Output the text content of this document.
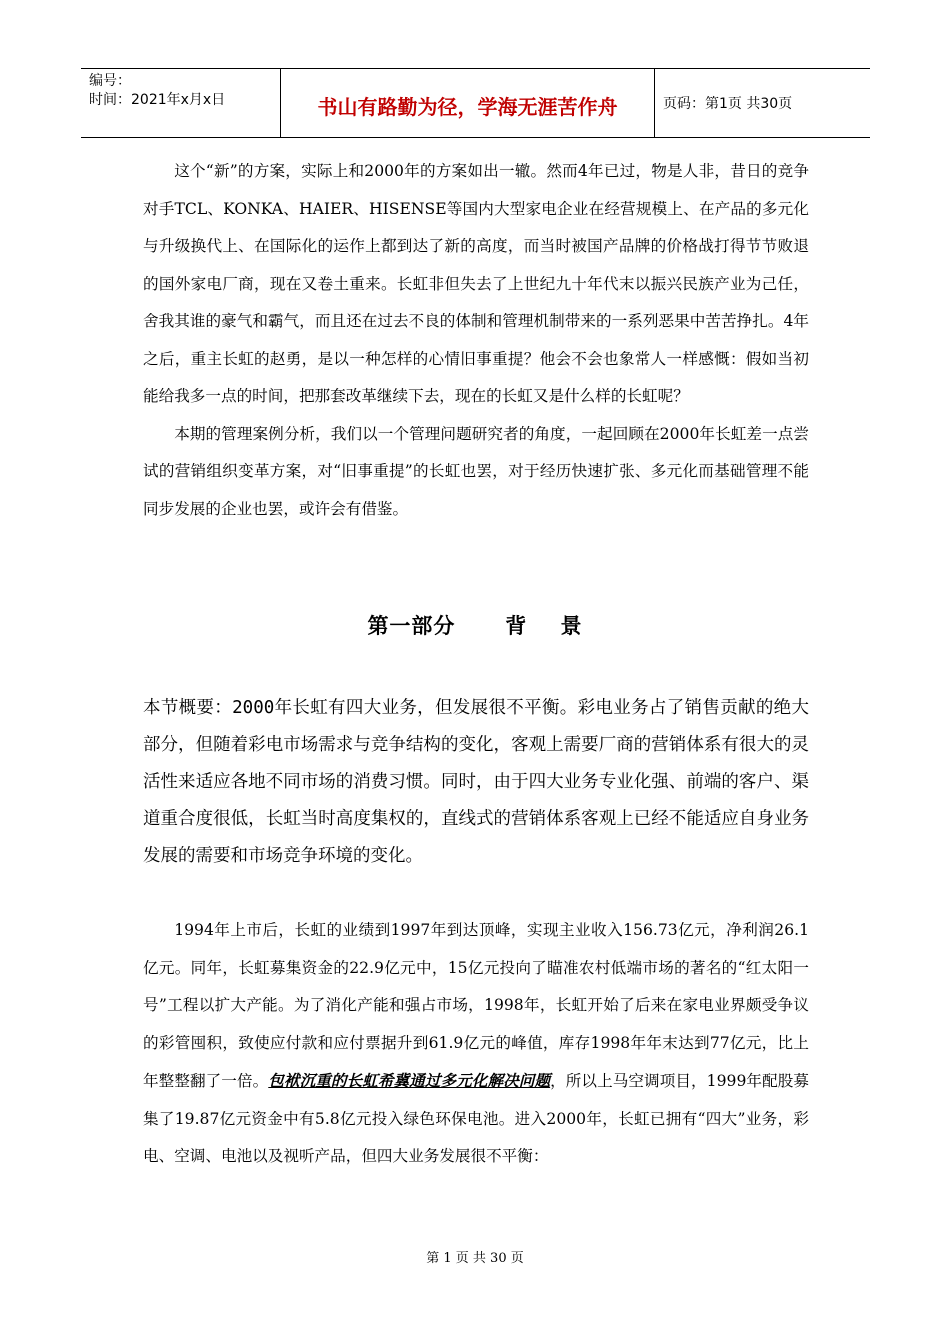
编号：
时间：2021年x月x日	书山有路勤为径，学海无涯苦作舟	页码：第1页 共30页

这个“新”的方案，实际上和2000年的方案如出一辙。然而4年已过，物是人非，昔日的竞争对手TCL、KONKA、HAIER、HISENSE等国内大型家电企业在经营规模上、在产品的多元化与升级换代上、在国际化的运作上都到达了新的高度，而当时被国产品牌的价格战打得节节败退的国外家电厂商，现在又卷土重来。长虹非但失去了上世纪九十年代末以振兴民族产业为己任，舍我其谁的豪气和霸气，而且还在过去不良的体制和管理机制带来的一系列恶果中苦苦挣扎。4年之后，重主长虹的赵勇，是以一种怎样的心情旧事重提？他会不会也象常人一样感慨：假如当初能给我多一点的时间，把那套改革继续下去，现在的长虹又是什么样的长虹呢？

本期的管理案例分析，我们以一个管理问题研究者的角度，一起回顾在2000年长虹差一点尝试的营销组织变革方案，对“旧事重提”的长虹也罢，对于经历快速扩张、多元化而基础管理不能同步发展的企业也罢，或许会有借鉴。

第一部分      背    景

本节概要：2000年长虹有四大业务，但发展很不平衡。彩电业务占了销售贡献的绝大部分，但随着彩电市场需求与竞争结构的变化，客观上需要厂商的营销体系有很大的灵活性来适应各地不同市场的消费习惯。同时，由于四大业务专业化强、前端的客户、渠道重合度很低，长虹当时高度集权的，直线式的营销体系客观上已经不能适应自身业务发展的需要和市场竞争环境的变化。

1994年上市后，长虹的业绩到1997年到达顶峰，实现主业收入156.73亿元，净利润26.1亿元。同年，长虹募集资金的22.9亿元中，15亿元投向了瞄准农村低端市场的著名的“红太阳一号”工程以扩大产能。为了消化产能和强占市场，1998年，长虹开始了后来在家电业界颇受争议的彩管囤积，致使应付款和应付票据升到61.9亿元的峰值，库存1998年年末达到77亿元，比上年整整翻了一倍。包袱沉重的长虹希冀通过多元化解决问题，所以上马空调项目，1999年配股募集了19.87亿元资金中有5.8亿元投入绿色环保电池。进入2000年，长虹已拥有“四大”业务，彩电、空调、电池以及视听产品，但四大业务发展很不平衡：

第 1 页 共 30 页
